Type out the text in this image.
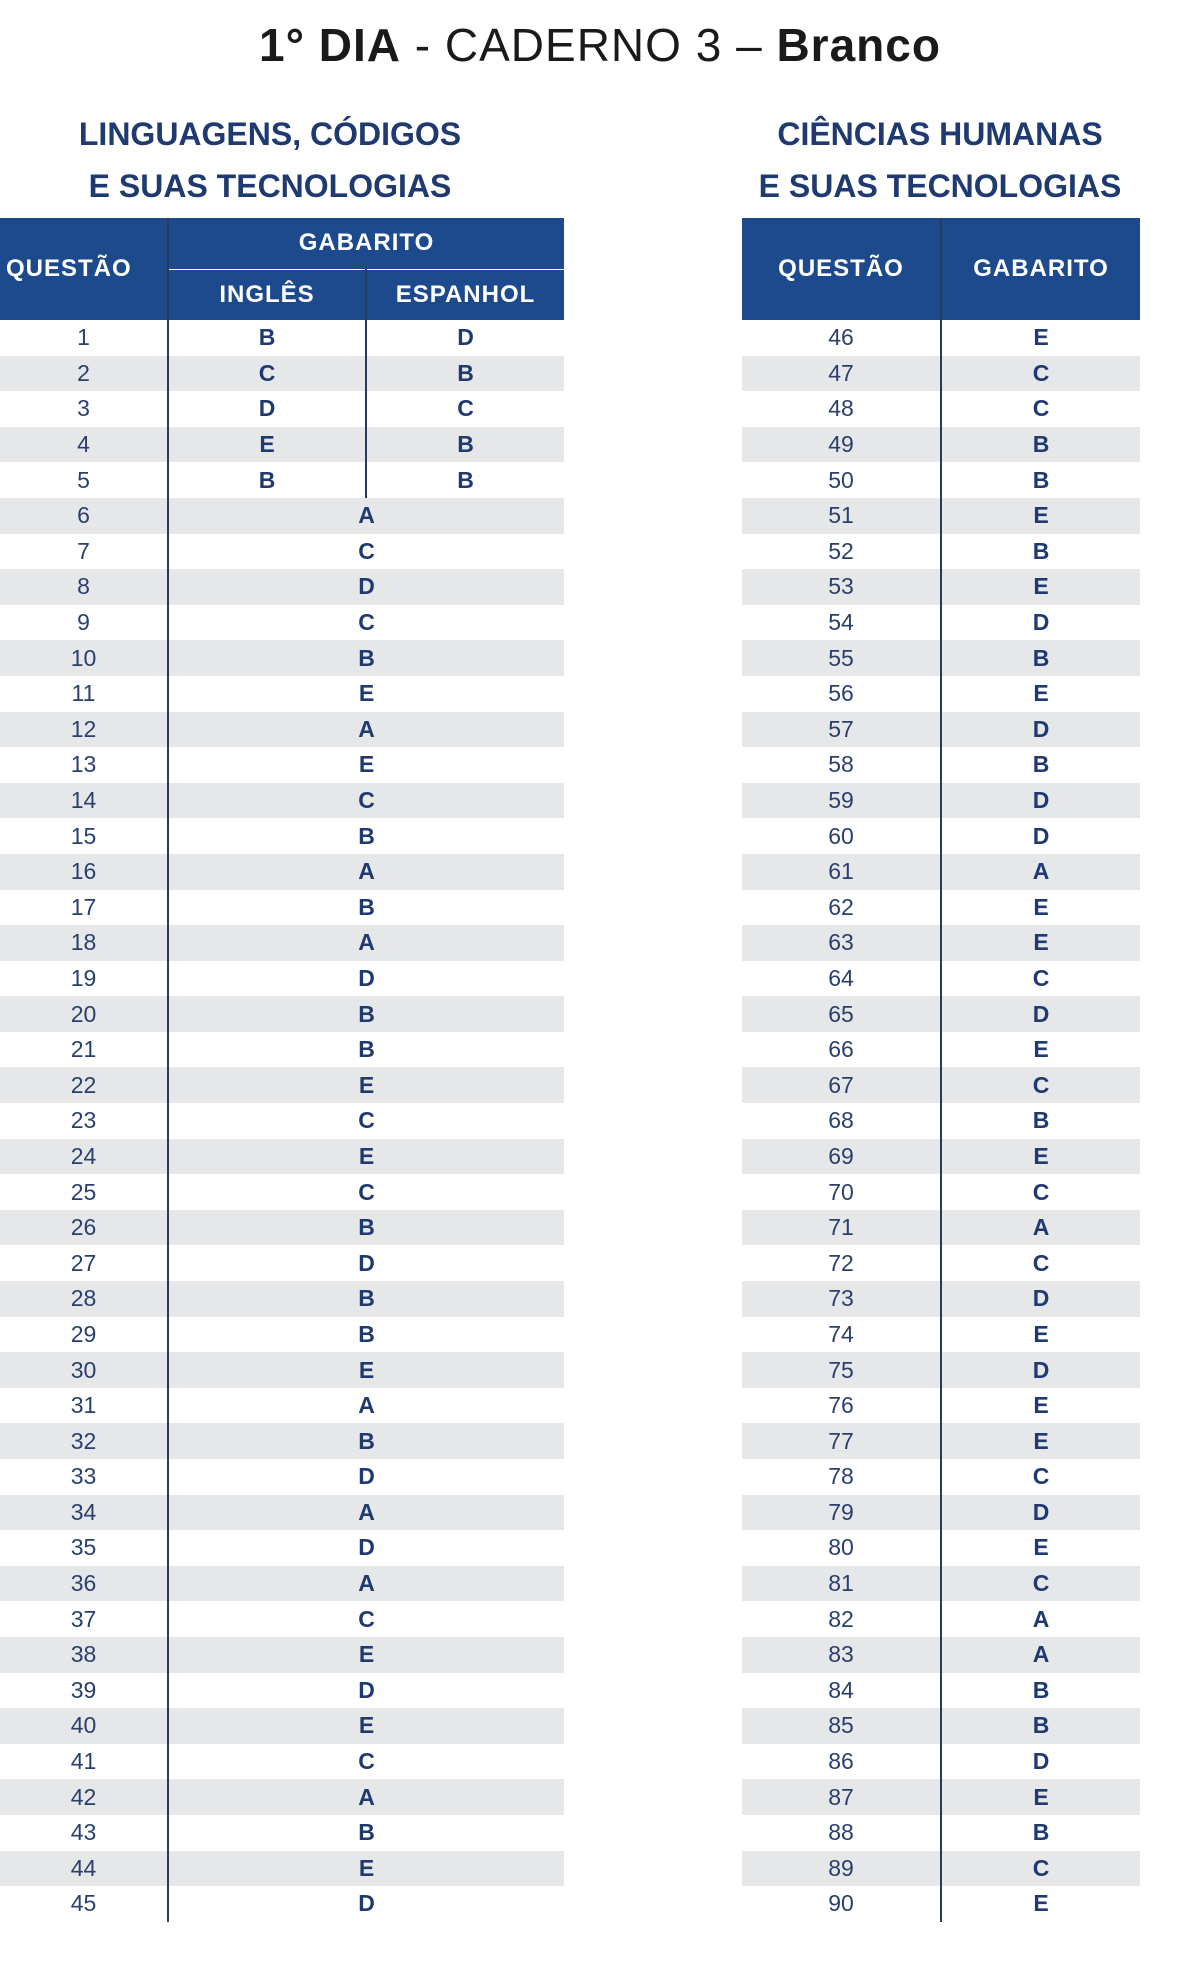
1° DIA - CADERNO 3 – Branco
LINGUAGENS, CÓDIGOS
E SUAS TECNOLOGIAS
CIÊNCIAS HUMANAS
E SUAS TECNOLOGIAS
QUESTÃO	GABARITO	
	INGLÊS	ESPANHOL
1	B	D
2	C	B
3	D	C
4	E	B
5	B	B
6	A	
7	C	
8	D	
9	C	
10	B	
11	E	
12	A	
13	E	
14	C	
15	B	
16	A	
17	B	
18	A	
19	D	
20	B	
21	B	
22	E	
23	C	
24	E	
25	C	
26	B	
27	D	
28	B	
29	B	
30	E	
31	A	
32	B	
33	D	
34	A	
35	D	
36	A	
37	C	
38	E	
39	D	
40	E	
41	C	
42	A	
43	B	
44	E	
45	D	
QUESTÃO	GABARITO
46	E
47	C
48	C
49	B
50	B
51	E
52	B
53	E
54	D
55	B
56	E
57	D
58	B
59	D
60	D
61	A
62	E
63	E
64	C
65	D
66	E
67	C
68	B
69	E
70	C
71	A
72	C
73	D
74	E
75	D
76	E
77	E
78	C
79	D
80	E
81	C
82	A
83	A
84	B
85	B
86	D
87	E
88	B
89	C
90	E
